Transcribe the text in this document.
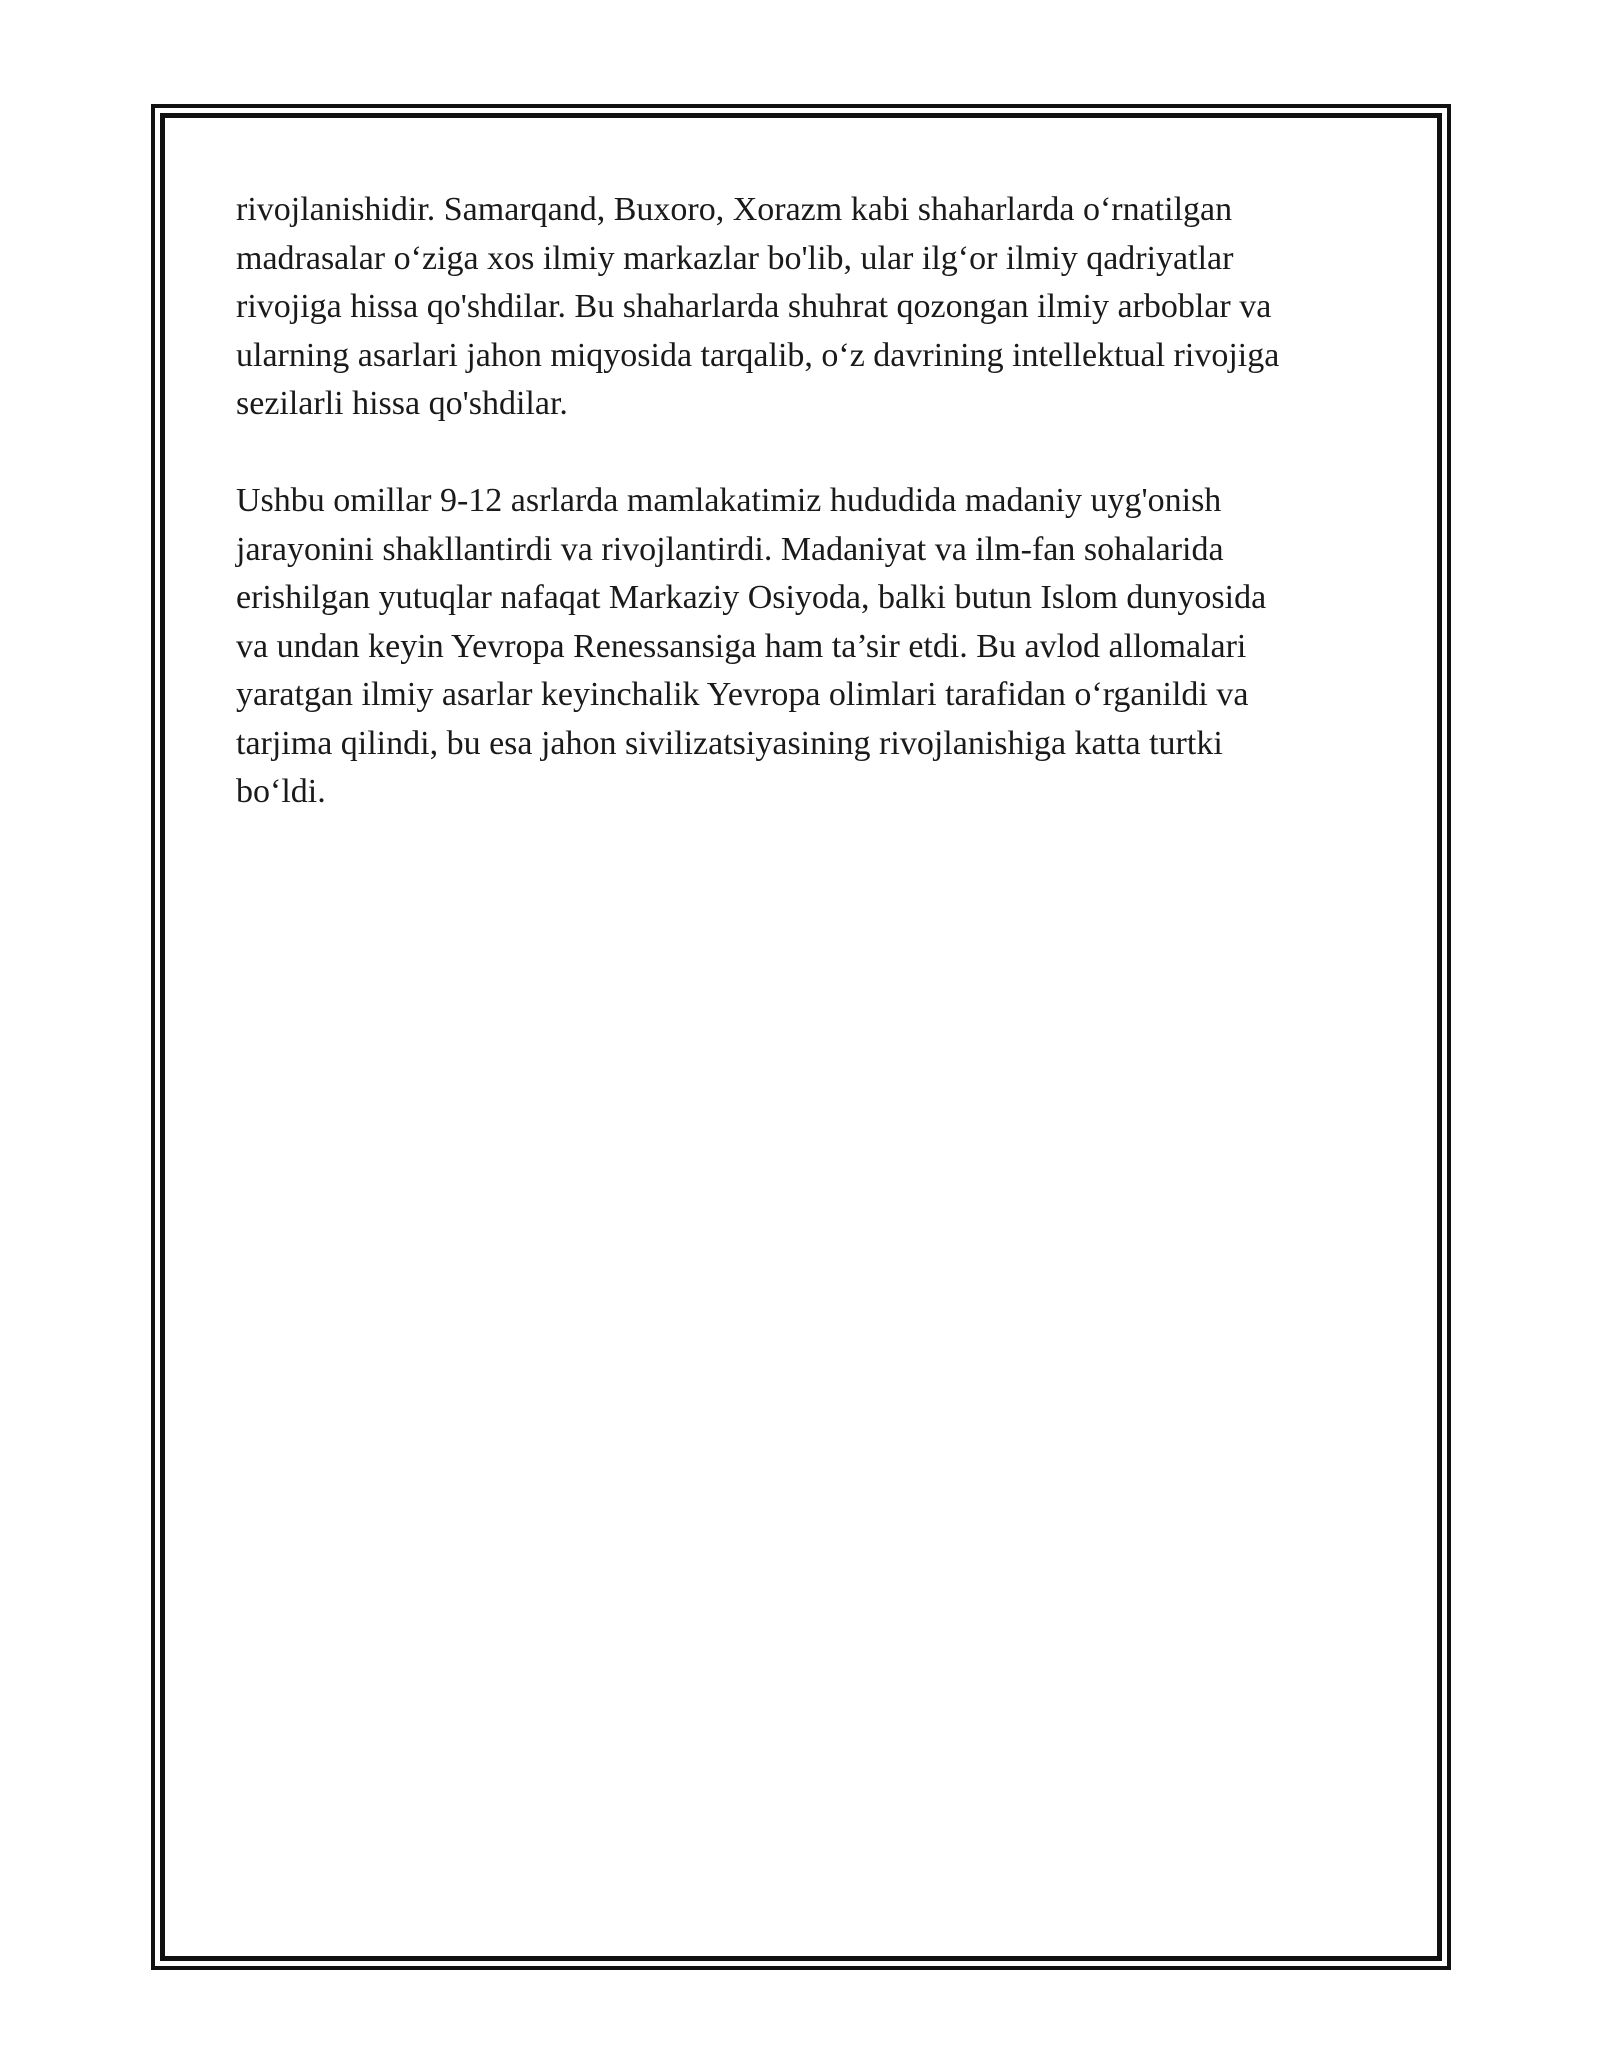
rivojlanishidir. Samarqand, Buxoro, Xorazm kabi shaharlarda o‘rnatilgan
madrasalar o‘ziga xos ilmiy markazlar bo'lib, ular ilg‘or ilmiy qadriyatlar
rivojiga hissa qo'shdilar. Bu shaharlarda shuhrat qozongan ilmiy arboblar va
ularning asarlari jahon miqyosida tarqalib, o‘z davrining intellektual rivojiga
sezilarli hissa qo'shdilar.

Ushbu omillar 9-12 asrlarda mamlakatimiz hududida madaniy uyg'onish
jarayonini shakllantirdi va rivojlantirdi. Madaniyat va ilm-fan sohalarida
erishilgan yutuqlar nafaqat Markaziy Osiyoda, balki butun Islom dunyosida
va undan keyin Yevropa Renessansiga ham ta’sir etdi. Bu avlod allomalari
yaratgan ilmiy asarlar keyinchalik Yevropa olimlari tarafidan o‘rganildi va
tarjima qilindi, bu esa jahon sivilizatsiyasining rivojlanishiga katta turtki
bo‘ldi.
